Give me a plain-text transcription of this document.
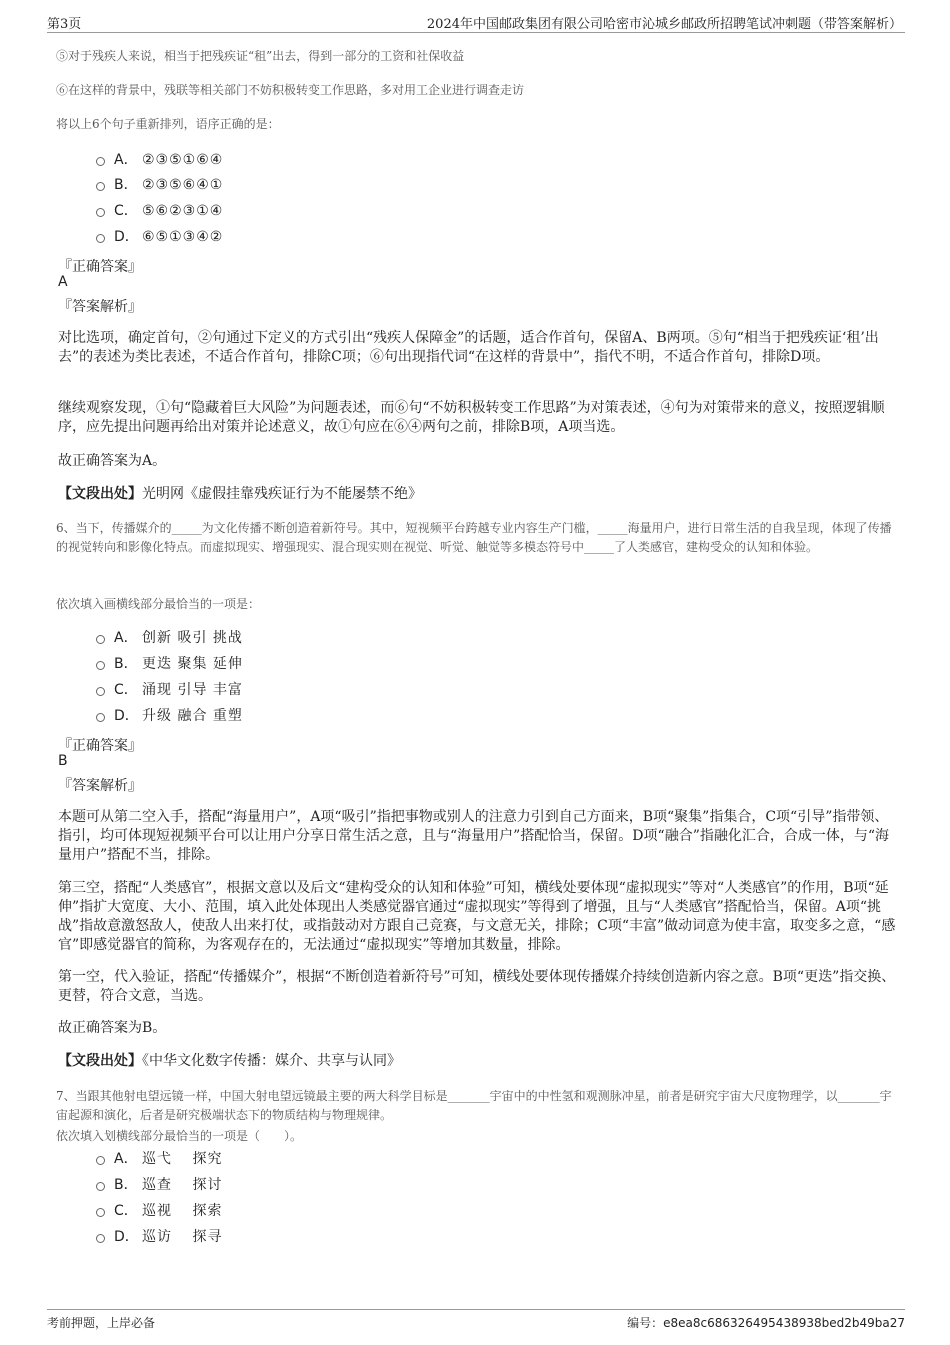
第3页	2024年中国邮政集团有限公司哈密市沁城乡邮政所招聘笔试冲刺题（带答案解析）
⑤对于残疾人来说，相当于把残疾证“租”出去，得到一部分的工资和社保收益
⑥在这样的背景中，残联等相关部门不妨积极转变工作思路，多对用工企业进行调查走访
将以上6个句子重新排列，语序正确的是：
A． ②③⑤①⑥④
B． ②③⑤⑥④①
C． ⑤⑥②③①④
D． ⑥⑤①③④②
『正确答案』
A
『答案解析』
对比选项，确定首句，②句通过下定义的方式引出“残疾人保障金”的话题，适合作首句，保留A、B两项。⑤句“相当于把残疾证‘租’出去”的表述为类比表述，不适合作首句，排除C项；⑥句出现指代词“在这样的背景中”，指代不明，不适合作首句，排除D项。
继续观察发现，①句“隐藏着巨大风险”为问题表述，而⑥句“不妨积极转变工作思路”为对策表述，④句为对策带来的意义，按照逻辑顺序，应先提出问题再给出对策并论述意义，故①句应在⑥④两句之前，排除B项，A项当选。
故正确答案为A。
【文段出处】光明网《虚假挂靠残疾证行为不能屡禁不绝》
6、当下，传播媒介的_____为文化传播不断创造着新符号。其中，短视频平台跨越专业内容生产门槛，_____海量用户，进行日常生活的自我呈现，体现了传播的视觉转向和影像化特点。而虚拟现实、增强现实、混合现实则在视觉、听觉、触觉等多模态符号中_____了人类感官，建构受众的认知和体验。
依次填入画横线部分最恰当的一项是：
A． 创新 吸引 挑战
B． 更迭 聚集 延伸
C． 涌现 引导 丰富
D． 升级 融合 重塑
『正确答案』
B
『答案解析』
本题可从第二空入手，搭配“海量用户”，A项“吸引”指把事物或别人的注意力引到自己方面来，B项“聚集”指集合，C项“引导”指带领、指引，均可体现短视频平台可以让用户分享日常生活之意，且与“海量用户”搭配恰当，保留。D项“融合”指融化汇合，合成一体，与“海量用户”搭配不当，排除。
第三空，搭配“人类感官”，根据文意以及后文“建构受众的认知和体验”可知，横线处要体现“虚拟现实”等对“人类感官”的作用，B项“延伸”指扩大宽度、大小、范围，填入此处体现出人类感觉器官通过“虚拟现实”等得到了增强，且与“人类感官”搭配恰当，保留。A项“挑战”指故意激怒敌人，使敌人出来打仗，或指鼓动对方跟自己竞赛，与文意无关，排除；C项“丰富”做动词意为使丰富，取变多之意，“感官”即感觉器官的简称，为客观存在的，无法通过“虚拟现实”等增加其数量，排除。
第一空，代入验证，搭配“传播媒介”，根据“不断创造着新符号”可知，横线处要体现传播媒介持续创造新内容之意。B项“更迭”指交换、更替，符合文意，当选。
故正确答案为B。
【文段出处】《中华文化数字传播：媒介、共享与认同》
7、当跟其他射电望远镜一样，中国大射电望远镜最主要的两大科学目标是_______宇宙中的中性氢和观测脉冲星，前者是研究宇宙大尺度物理学，以_______宇宙起源和演化，后者是研究极端状态下的物质结构与物理规律。
依次填入划横线部分最恰当的一项是（　　）。
A． 巡弋　 探究
B． 巡查　 探讨
C． 巡视　 探索
D． 巡访　 探寻
考前押题，上岸必备	编号：e8ea8c686326495438938bed2b49ba27
